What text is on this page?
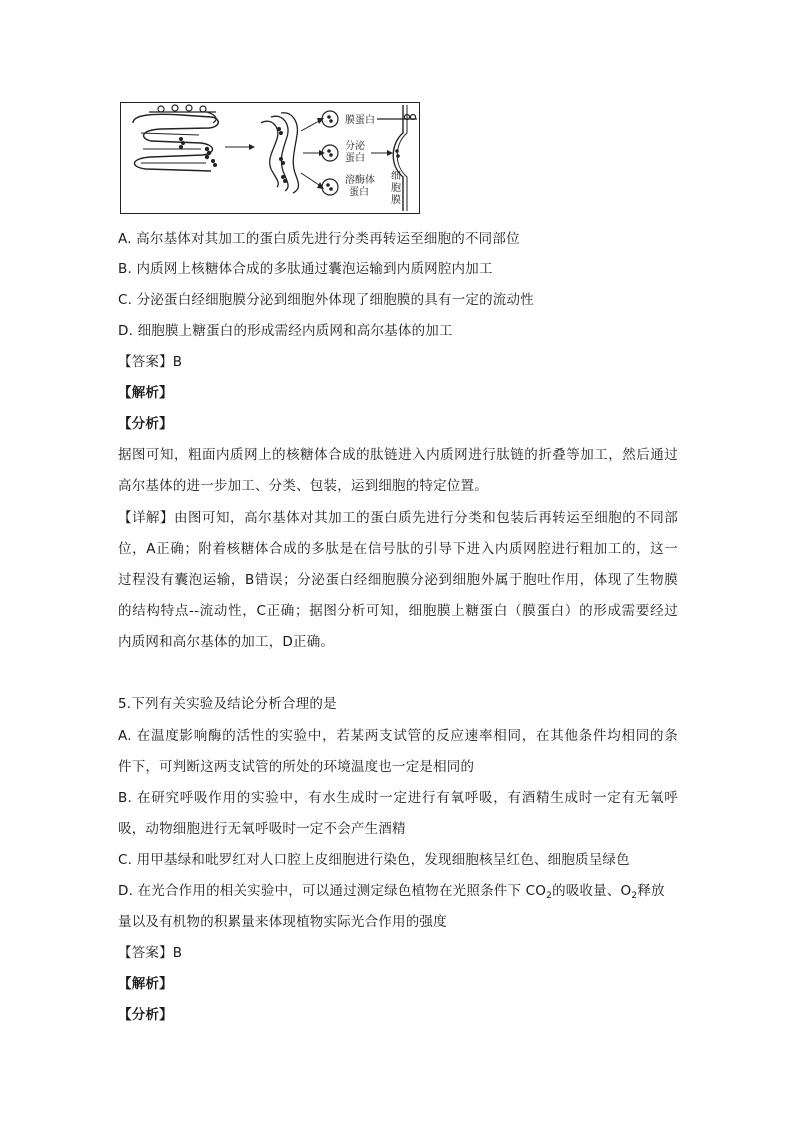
膜蛋白
分泌
蛋白
溶酶体
蛋白
细
胞
膜
A. 高尔基体对其加工的蛋白质先进行分类再转运至细胞的不同部位
B. 内质网上核糖体合成的多肽通过囊泡运输到内质网腔内加工
C. 分泌蛋白经细胞膜分泌到细胞外体现了细胞膜的具有一定的流动性
D. 细胞膜上糖蛋白的形成需经内质网和高尔基体的加工
【答案】B
【解析】
【分析】
据图可知，粗面内质网上的核糖体合成的肽链进入内质网进行肽链的折叠等加工，然后通过
高尔基体的进一步加工、分类、包装，运到细胞的特定位置。
【详解】由图可知，高尔基体对其加工的蛋白质先进行分类和包装后再转运至细胞的不同部
位，A正确；附着核糖体合成的多肽是在信号肽的引导下进入内质网腔进行粗加工的，这一
过程没有囊泡运输，B错误；分泌蛋白经细胞膜分泌到细胞外属于胞吐作用，体现了生物膜
的结构特点--流动性，C正确；据图分析可知，细胞膜上糖蛋白（膜蛋白）的形成需要经过
内质网和高尔基体的加工，D正确。
5.下列有关实验及结论分析合理的是
A. 在温度影响酶的活性的实验中，若某两支试管的反应速率相同，在其他条件均相同的条
件下，可判断这两支试管的所处的环境温度也一定是相同的
B. 在研究呼吸作用的实验中，有水生成时一定进行有氧呼吸，有酒精生成时一定有无氧呼
吸，动物细胞进行无氧呼吸时一定不会产生酒精
C. 用甲基绿和吡罗红对人口腔上皮细胞进行染色，发现细胞核呈红色、细胞质呈绿色
D. 在光合作用的相关实验中，可以通过测定绿色植物在光照条件下 $CO_2$的吸收量、$O_2$释放
量以及有机物的积累量来体现植物实际光合作用的强度
【答案】B
【解析】
【分析】
